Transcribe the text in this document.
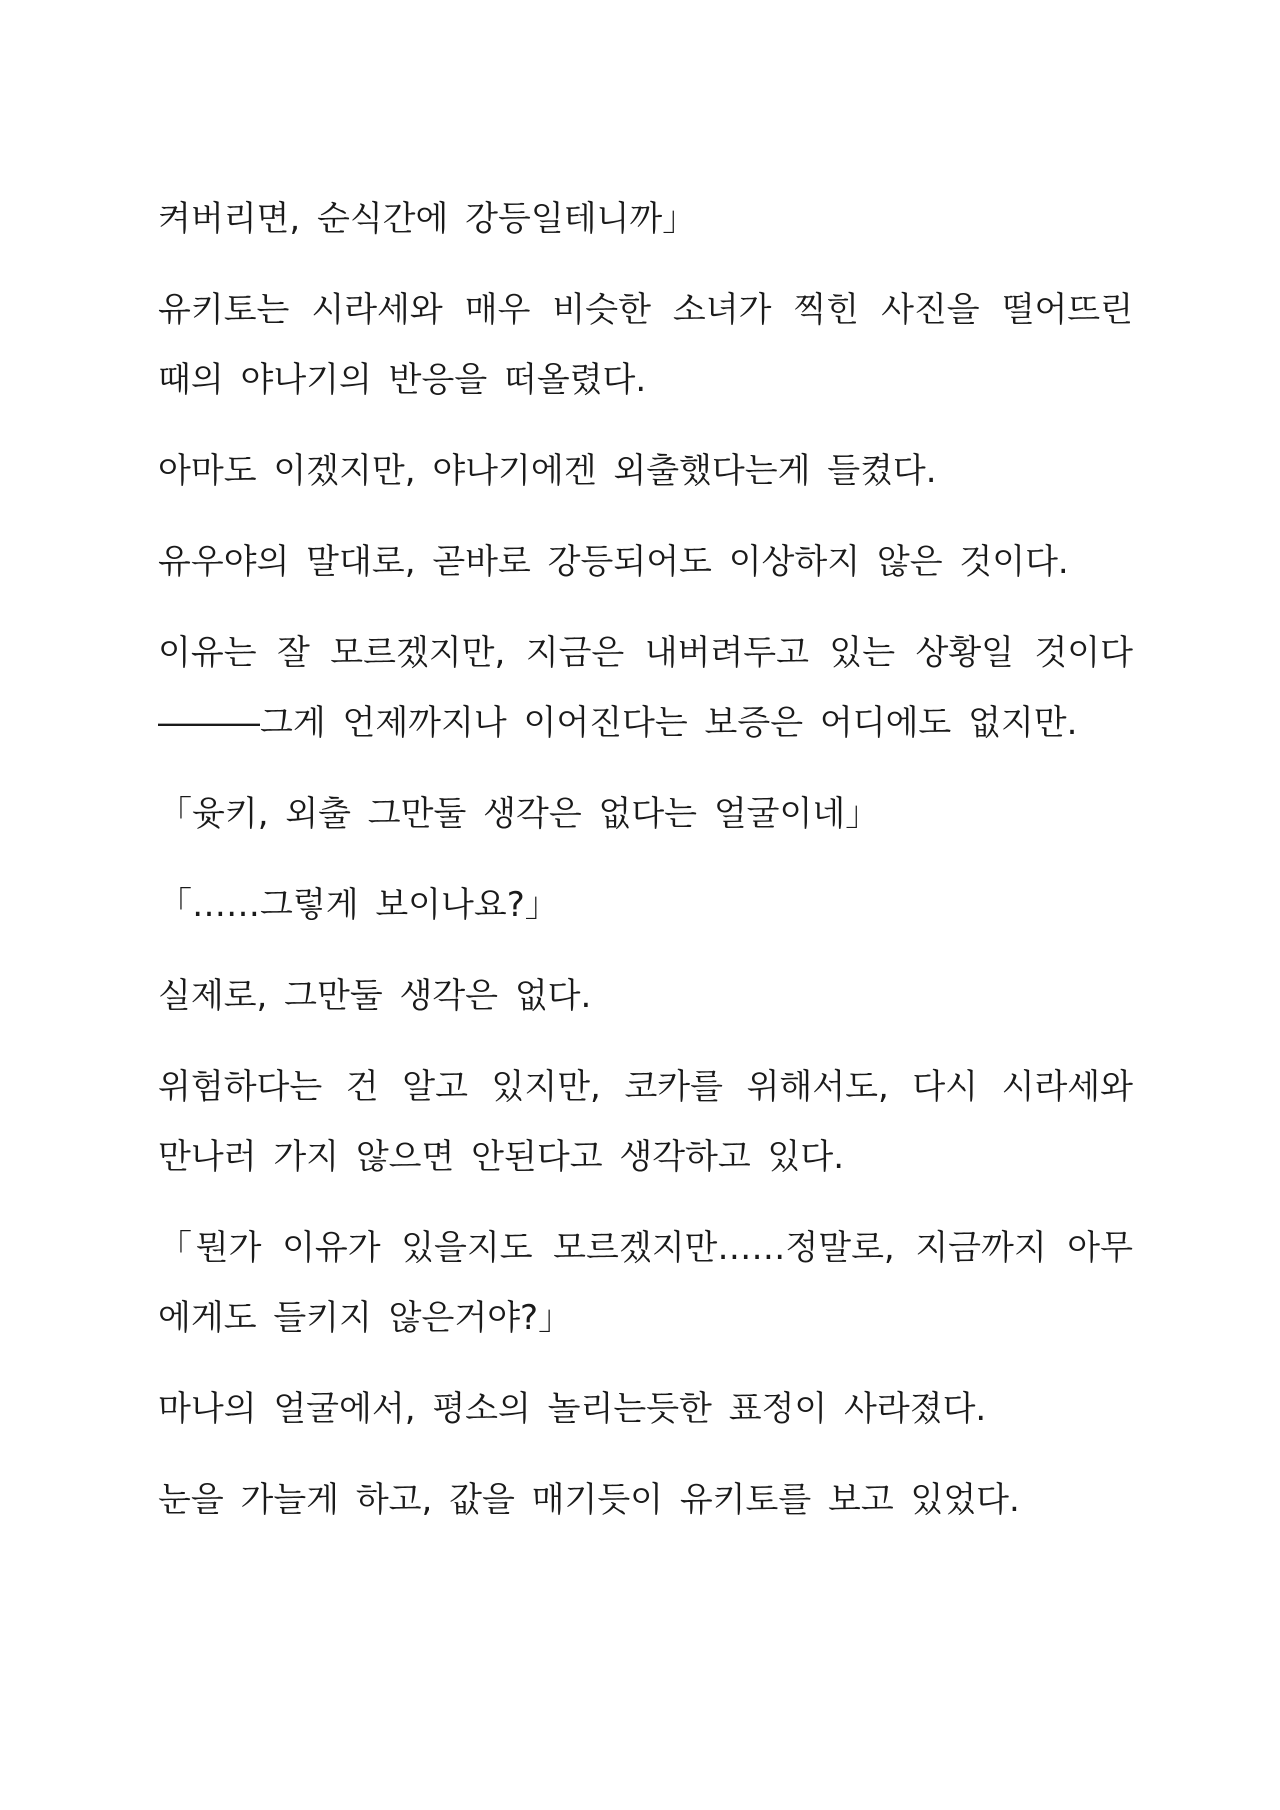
켜버리면, 순식간에 강등일테니까」

유키토는 시라세와 매우 비슷한 소녀가 찍힌 사진을 떨어뜨린 때의 야나기의 반응을 떠올렸다.

아마도 이겠지만, 야나기에겐 외출했다는게 들켰다.

유우야의 말대로, 곧바로 강등되어도 이상하지 않은 것이다.

이유는 잘 모르겠지만, 지금은 내버려두고 있는 상황일 것이다―――그게 언제까지나 이어진다는 보증은 어디에도 없지만.

「윳키, 외출 그만둘 생각은 없다는 얼굴이네」

「……그렇게 보이나요?」

실제로, 그만둘 생각은 없다.

위험하다는 건 알고 있지만, 코카를 위해서도, 다시 시라세와 만나러 가지 않으면 안된다고 생각하고 있다.

「뭔가 이유가 있을지도 모르겠지만……정말로, 지금까지 아무에게도 들키지 않은거야?」

마나의 얼굴에서, 평소의 놀리는듯한 표정이 사라졌다.

눈을 가늘게 하고, 값을 매기듯이 유키토를 보고 있었다.
